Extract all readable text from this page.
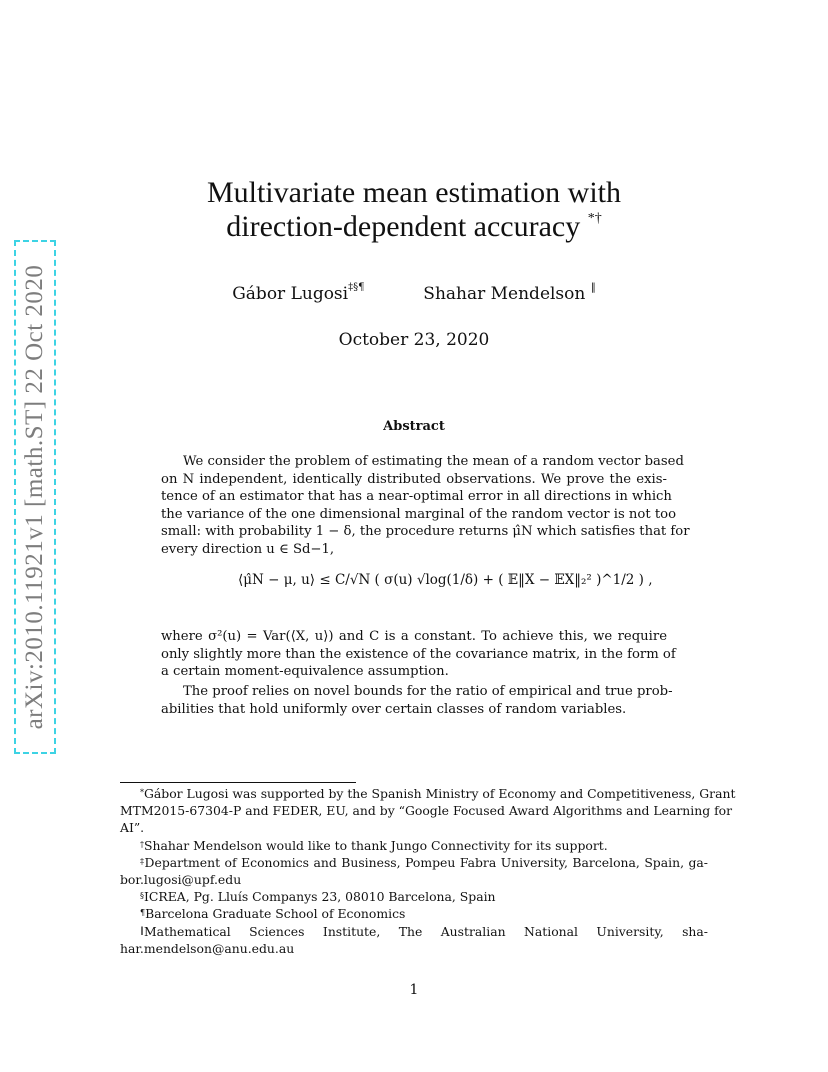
arXiv:2010.11921v1 [math.ST] 22 Oct 2020
Multivariate mean estimation with
direction-dependent accuracy *†
Gábor Lugosi‡§¶	Shahar Mendelson ‖
October 23, 2020
Abstract
We consider the problem of estimating the mean of a random vector based
on N independent, identically distributed observations. We prove the exis-
tence of an estimator that has a near-optimal error in all directions in which
the variance of the one dimensional marginal of the random vector is not too
small: with probability 1 − δ, the procedure returns μ̂N which satisfies that for
every direction u ∈ Sd−1,
⟨μ̂N − μ, u⟩ ≤ C/√N ( σ(u) √log(1/δ) + ( 𝔼‖X − 𝔼X‖₂² )^1/2 ) ,
where σ²(u) = Var(⟨X, u⟩) and C is a constant. To achieve this, we require
only slightly more than the existence of the covariance matrix, in the form of
a certain moment-equivalence assumption.
The proof relies on novel bounds for the ratio of empirical and true prob-
abilities that hold uniformly over certain classes of random variables.
*Gábor Lugosi was supported by the Spanish Ministry of Economy and Competitiveness, Grant
MTM2015-67304-P and FEDER, EU, and by “Google Focused Award Algorithms and Learning for
AI”.
†Shahar Mendelson would like to thank Jungo Connectivity for its support.
‡Department of Economics and Business, Pompeu Fabra University, Barcelona, Spain, ga-
bor.lugosi@upf.edu
§ICREA, Pg. Lluís Companys 23, 08010 Barcelona, Spain
¶Barcelona Graduate School of Economics
‖Mathematical Sciences Institute, The Australian National University, sha-
har.mendelson@anu.edu.au
1
